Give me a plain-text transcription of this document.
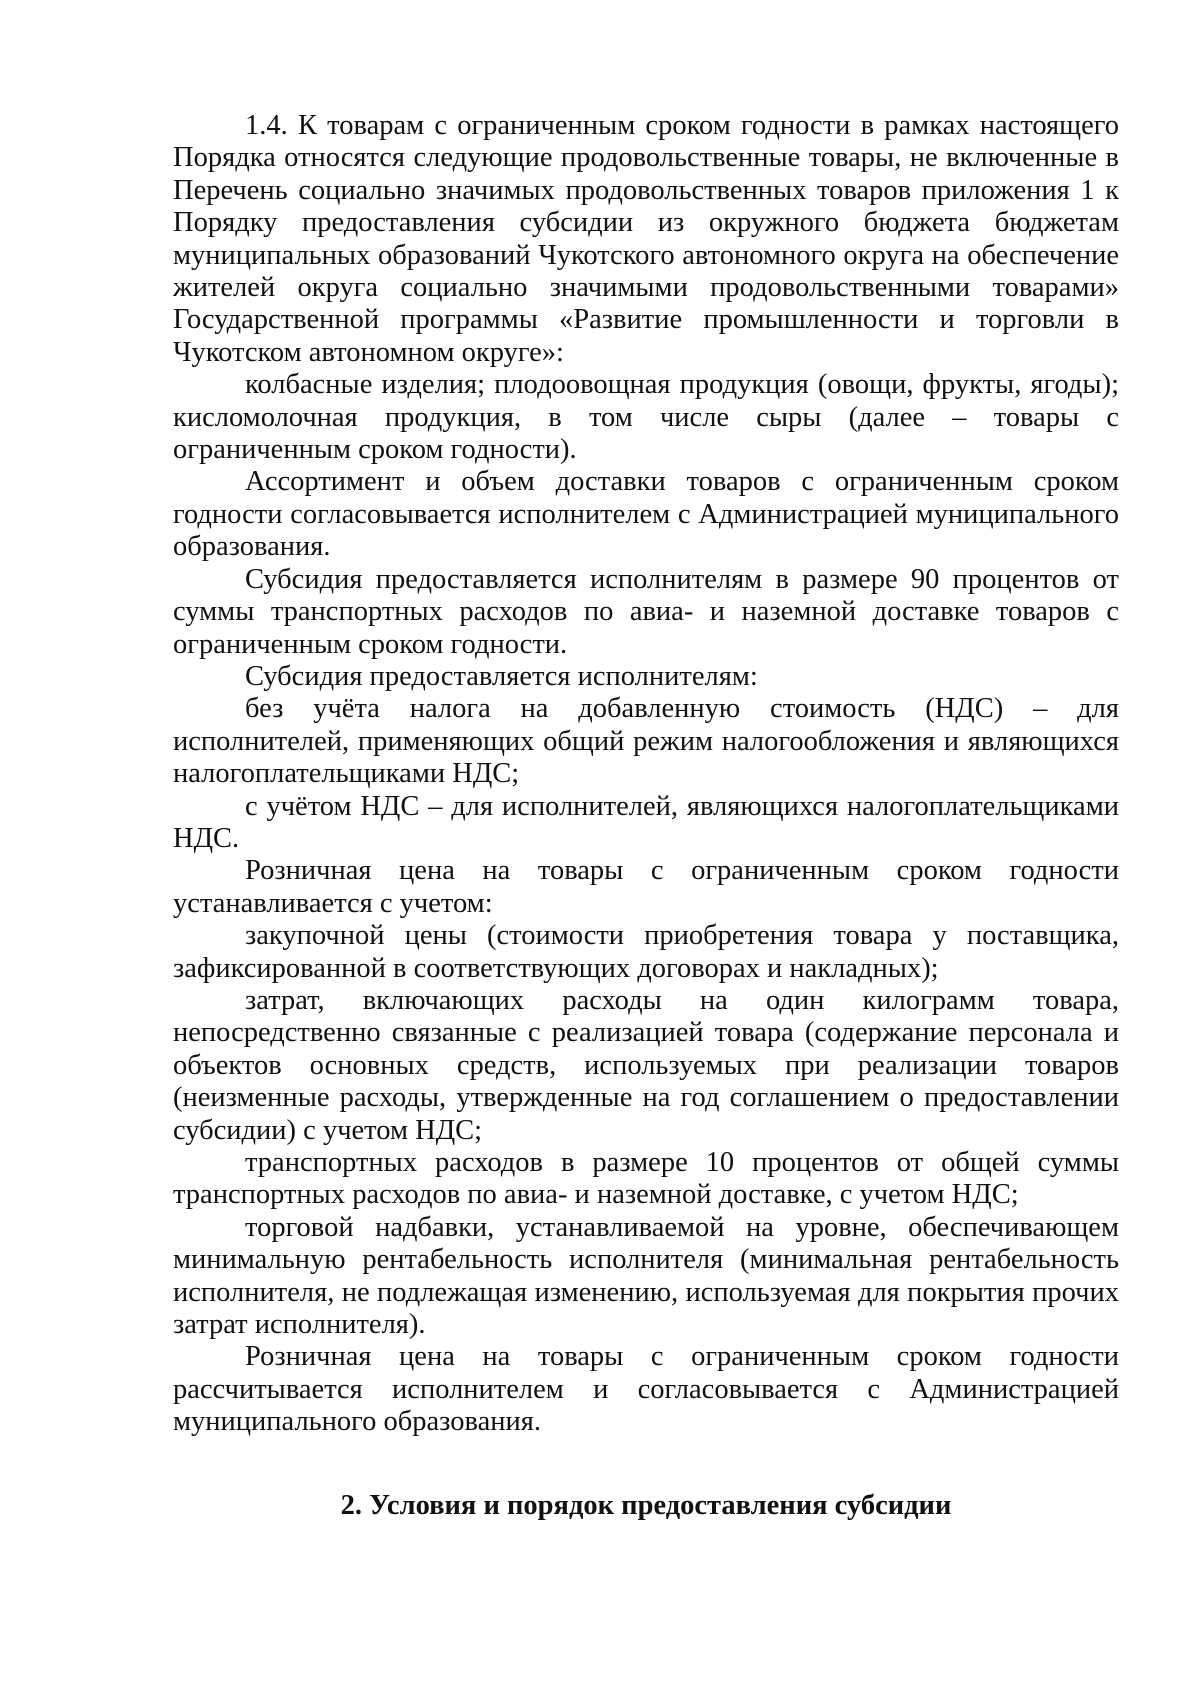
1.4. К товарам с ограниченным сроком годности в рамках настоящего Порядка относятся следующие продовольственные товары, не включенные в Перечень социально значимых продовольственных товаров приложения 1 к Порядку предоставления субсидии из окружного бюджета бюджетам муниципальных образований Чукотского автономного округа на обеспечение жителей округа социально значимыми продовольственными товарами» Государственной программы «Развитие промышленности и торговли в Чукотском автономном округе»:

колбасные изделия; плодоовощная продукция (овощи, фрукты, ягоды); кисломолочная продукция, в том числе сыры (далее – товары с ограниченным сроком годности).

Ассортимент и объем доставки товаров с ограниченным сроком годности согласовывается исполнителем с Администрацией муниципального образования.

Субсидия предоставляется исполнителям в размере 90 процентов от суммы транспортных расходов по авиа- и наземной доставке товаров с ограниченным сроком годности.

Субсидия предоставляется исполнителям:

без учёта налога на добавленную стоимость (НДС) – для исполнителей, применяющих общий режим налогообложения и являющихся налогоплательщиками НДС;

с учётом НДС – для исполнителей, являющихся налогоплательщиками НДС.

Розничная цена на товары с ограниченным сроком годности устанавливается с учетом:

закупочной цены (стоимости приобретения товара у поставщика, зафиксированной в соответствующих договорах и накладных);

затрат, включающих расходы на один килограмм товара, непосредственно связанные с реализацией товара (содержание персонала и объектов основных средств, используемых при реализации товаров (неизменные расходы, утвержденные на год соглашением о предоставлении субсидии) с учетом НДС;

транспортных расходов в размере 10 процентов от общей суммы транспортных расходов по авиа- и наземной доставке, с учетом НДС;

торговой надбавки, устанавливаемой на уровне, обеспечивающем минимальную рентабельность исполнителя (минимальная рентабельность исполнителя, не подлежащая изменению, используемая для покрытия прочих затрат исполнителя).

Розничная цена на товары с ограниченным сроком годности рассчитывается исполнителем и согласовывается с Администрацией муниципального образования.

2. Условия и порядок предоставления субсидии
